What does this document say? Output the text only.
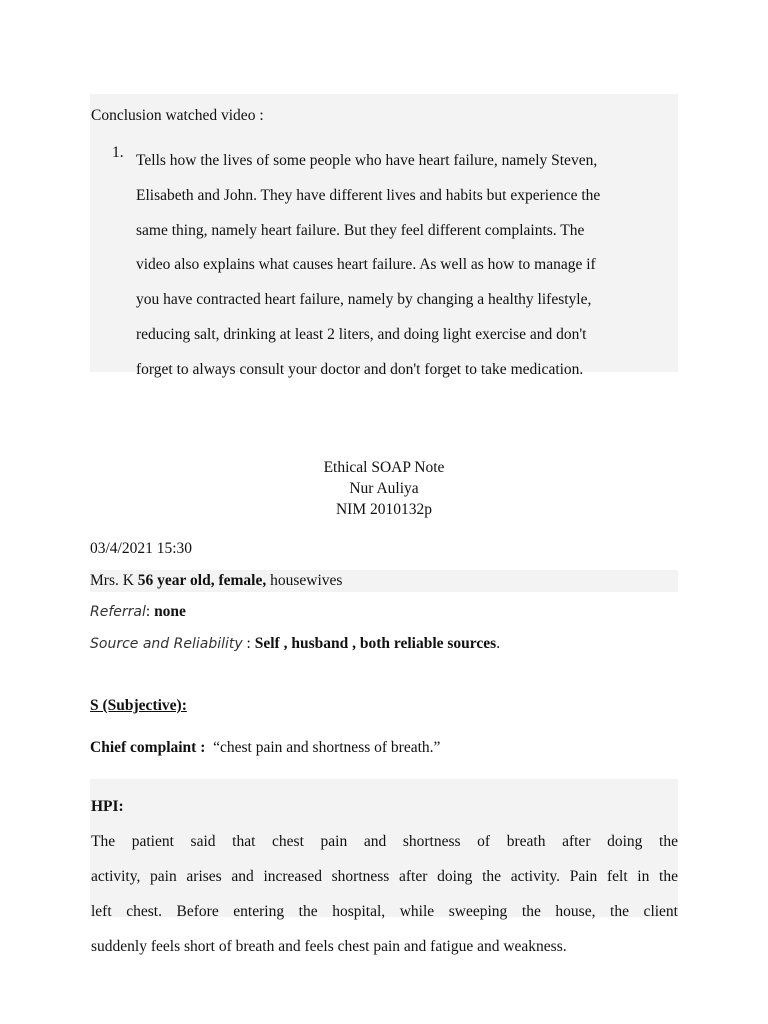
Conclusion watched video :
1. Tells how the lives of some people who have heart failure, namely Steven,
Elisabeth and John. They have different lives and habits but experience the
same thing, namely heart failure. But they feel different complaints. The
video also explains what causes heart failure. As well as how to manage if
you have contracted heart failure, namely by changing a healthy lifestyle,
reducing salt, drinking at least 2 liters, and doing light exercise and don't
forget to always consult your doctor and don't forget to take medication.

Ethical SOAP Note
Nur Auliya
NIM 2010132p
03/4/2021 15:30
Mrs. K 56 year old, female, housewives
Referral: none
Source and Reliability : Self , husband , both reliable sources.
S (Subjective):
Chief complaint : “chest pain and shortness of breath.”
HPI:
The patient said that chest pain and shortness of breath after doing the
activity, pain arises and increased shortness after doing the activity. Pain felt in the
left chest. Before entering the hospital, while sweeping the house, the client
suddenly feels short of breath and feels chest pain and fatigue and weakness.
